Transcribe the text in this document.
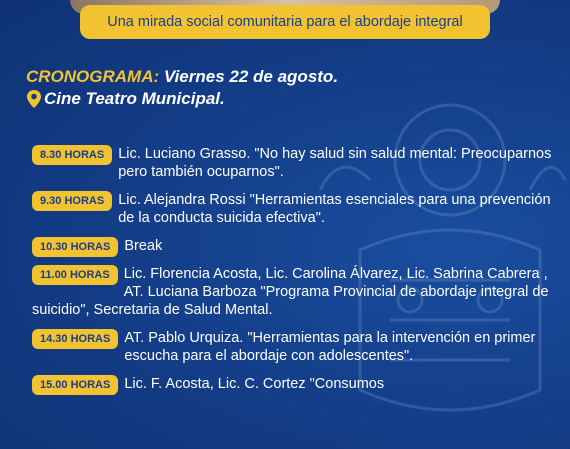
Una mirada social comunitaria para el abordaje integral
CRONOGRAMA: Viernes 22 de agosto.
Cine Teatro Municipal.
8.30 HORAS Lic. Luciano Grasso. "No hay salud sin salud mental: Preocuparnos pero también ocuparnos".
9.30 HORAS Lic. Alejandra Rossi "Herramientas esenciales para una prevención de la conducta suicida efectiva".
10.30 HORAS Break
11.00 HORAS Lic. Florencia Acosta, Lic. Carolina Álvarez, Lic. Sabrina Cabrera , AT. Luciana Barboza "Programa Provincial de abordaje integral de suicidio", Secretaria de Salud Mental.
14.30 HORAS AT. Pablo Urquiza. "Herramientas para la intervención en primer escucha para el abordaje con adolescentes".
15.00 HORAS Lic. F. Acosta, Lic. C. Cortez "Consumos
